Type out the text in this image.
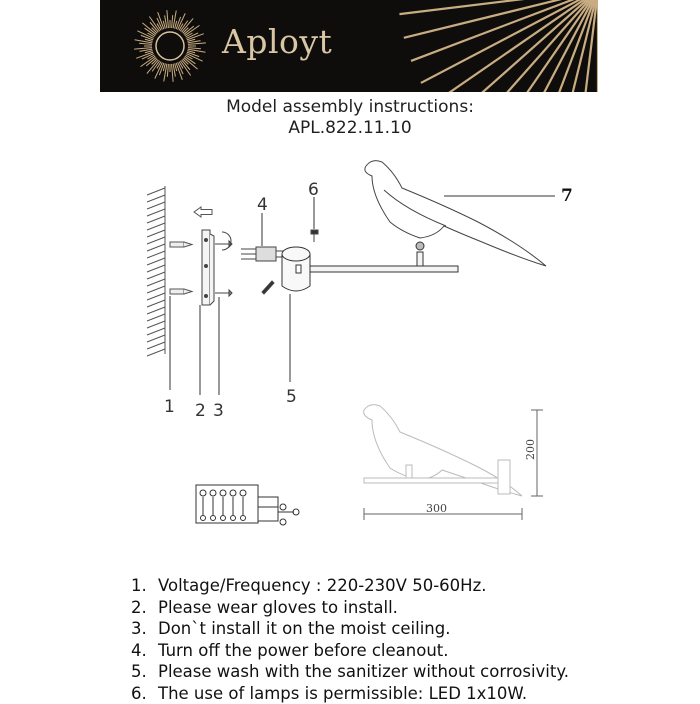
Aployt
Model assembly instructions:
APL.822.11.10
1 2 3
4
5
6	7
300
200
1. Voltage/Frequency : 220-230V 50-60Hz.
2. Please wear gloves to install.
3. Don`t install it on the moist ceiling.
4. Turn off the power before cleanout.
5. Please wash with the sanitizer without corrosivity.
6. The use of lamps is permissible: LED 1x10W.
